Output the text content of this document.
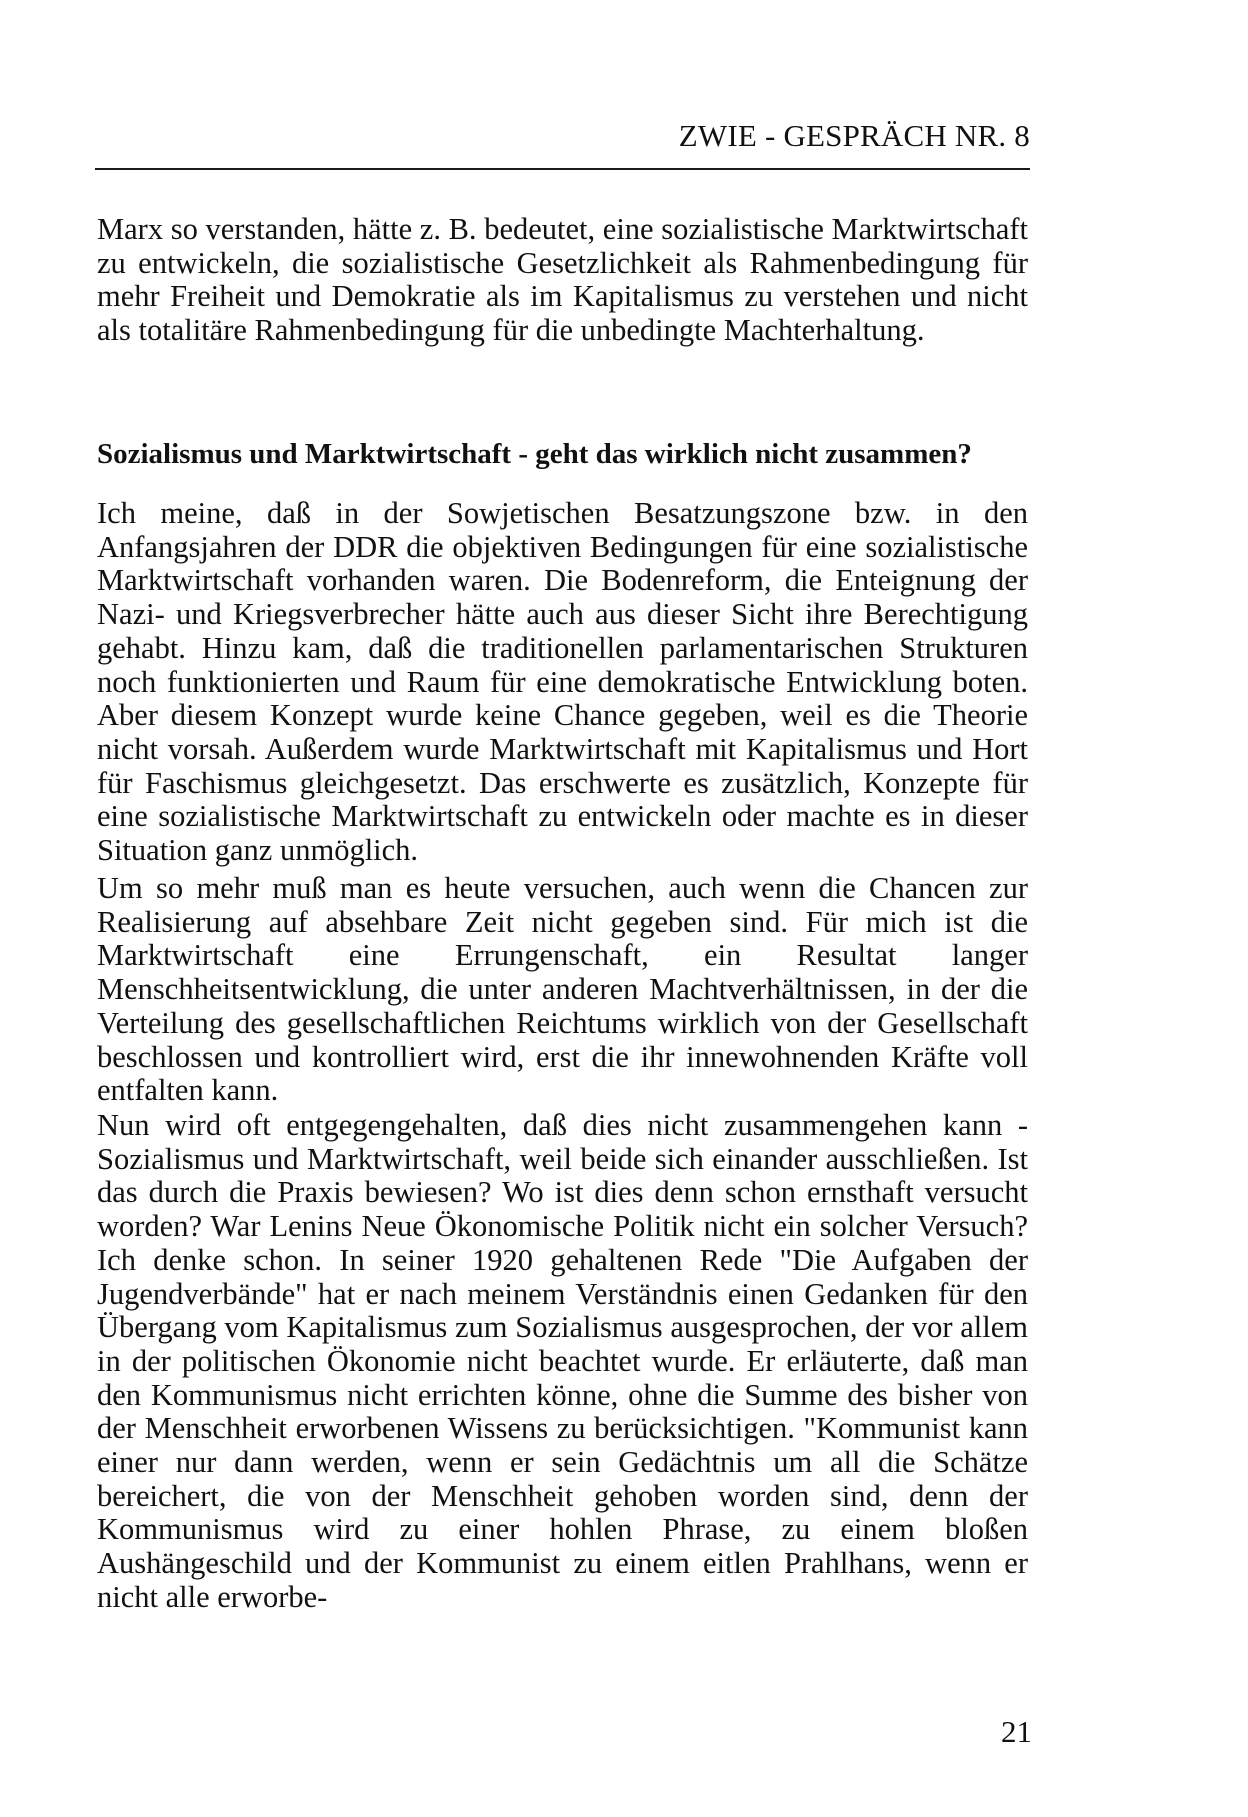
ZWIE - GESPRÄCH NR. 8

Marx so verstanden, hätte z. B. bedeutet, eine sozialistische Marktwirtschaft zu entwickeln, die sozialistische Gesetzlichkeit als Rahmenbedingung für mehr Freiheit und Demokratie als im Kapitalismus zu verstehen und nicht als totalitäre Rahmenbedingung für die unbedingte Machterhaltung.

Sozialismus und Marktwirtschaft - geht das wirklich nicht zusammen?

Ich meine, daß in der Sowjetischen Besatzungszone bzw. in den Anfangsjahren der DDR die objektiven Bedingungen für eine sozialistische Marktwirtschaft vorhanden waren. Die Bodenreform, die Enteignung der Nazi- und Kriegsverbrecher hätte auch aus dieser Sicht ihre Berechtigung gehabt. Hinzu kam, daß die traditionellen parlamentarischen Strukturen noch funktionierten und Raum für eine demokratische Entwicklung boten. Aber diesem Konzept wurde keine Chance gegeben, weil es die Theorie nicht vorsah. Außerdem wurde Marktwirtschaft mit Kapitalismus und Hort für Faschismus gleichgesetzt. Das erschwerte es zusätzlich, Konzepte für eine sozialistische Marktwirtschaft zu entwickeln oder machte es in dieser Situation ganz unmöglich.

Um so mehr muß man es heute versuchen, auch wenn die Chancen zur Realisierung auf absehbare Zeit nicht gegeben sind. Für mich ist die Marktwirtschaft eine Errungenschaft, ein Resultat langer Menschheitsentwicklung, die unter anderen Machtverhältnissen, in der die Verteilung des gesellschaftlichen Reichtums wirklich von der Gesellschaft beschlossen und kontrolliert wird, erst die ihr innewohnenden Kräfte voll entfalten kann.

Nun wird oft entgegengehalten, daß dies nicht zusammengehen kann - Sozialismus und Marktwirtschaft, weil beide sich einander ausschließen. Ist das durch die Praxis bewiesen? Wo ist dies denn schon ernsthaft versucht worden? War Lenins Neue Ökonomische Politik nicht ein solcher Versuch? Ich denke schon. In seiner 1920 gehaltenen Rede "Die Aufgaben der Jugendverbände" hat er nach meinem Verständnis einen Gedanken für den Übergang vom Kapitalismus zum Sozialismus ausgesprochen, der vor allem in der politischen Ökonomie nicht beachtet wurde. Er erläuterte, daß man den Kommunismus nicht errichten könne, ohne die Summe des bisher von der Menschheit erworbenen Wissens zu berücksichtigen. "Kommunist kann einer nur dann werden, wenn er sein Gedächtnis um all die Schätze bereichert, die von der Menschheit gehoben worden sind, denn der Kommunismus wird zu einer hohlen Phrase, zu einem bloßen Aushängeschild und der Kommunist zu einem eitlen Prahlhans, wenn er nicht alle erworbe-

21
